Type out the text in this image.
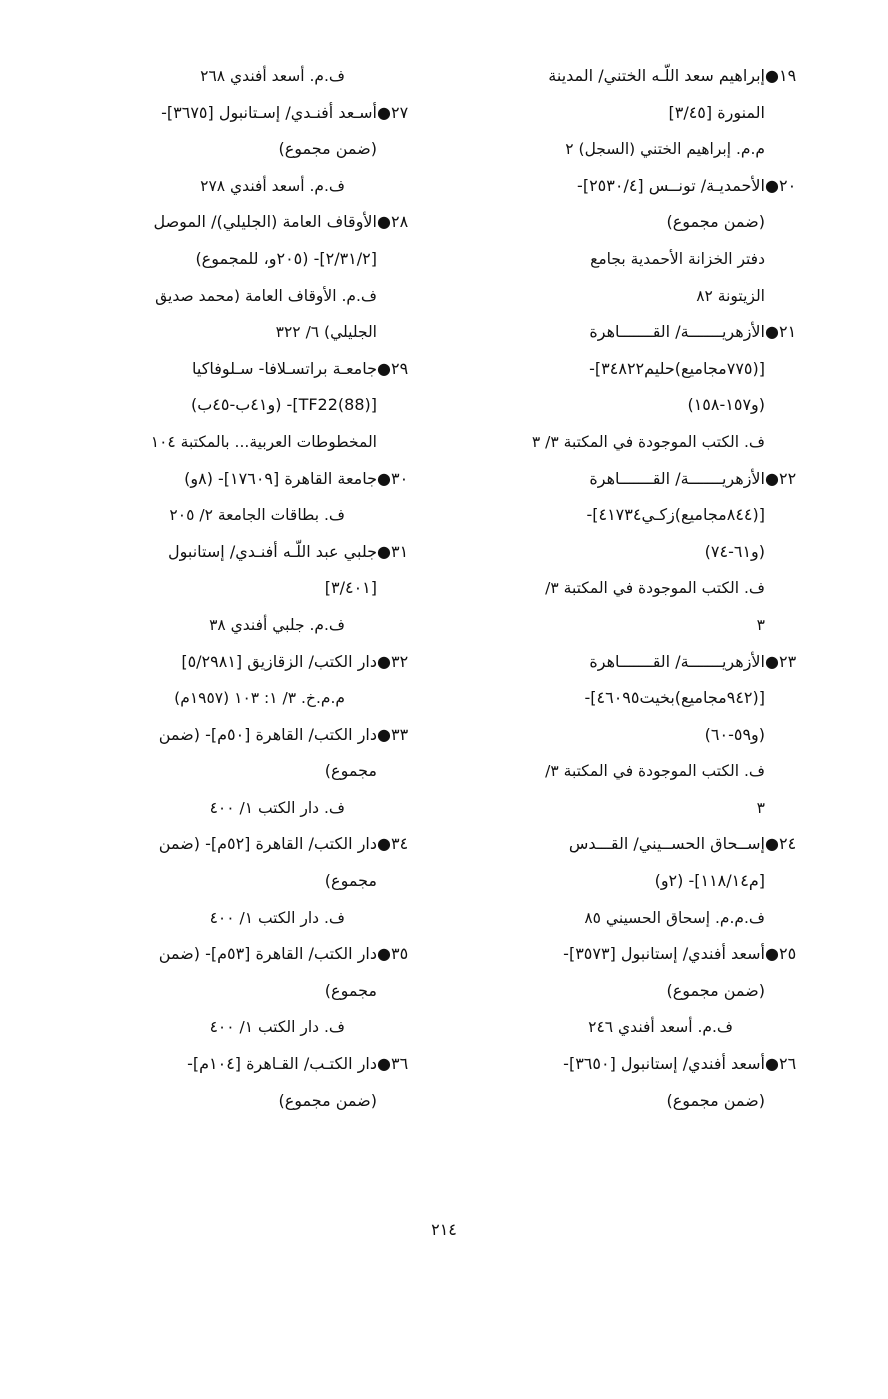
١٩●
إبراهيم سعد اللّـه الختني/ المدينة
المنورة [٣/٤٥]
م.م. إبراهيم الختني (السجل) ٢
٢٠●
الأحمديـة/ تونــس [٢٥٣٠/٤]-
(ضمن مجموع)
دفتر الخزانة الأحمدية بجامع
الزيتونة ٨٢
٢١●
الأزهريـــــــة/ القـــــــاهرة
[(٧٧٥مجاميع)حليم٣٤٨٢٢]-
(و١٥٧-١٥٨)
ف. الكتب الموجودة في المكتبة ٣/ ٣
٢٢●
الأزهريـــــــة/ القـــــــاهرة
[(٨٤٤مجاميع)زكـي٤١٧٣٤]-
(و٦١-٧٤)
ف. الكتب الموجودة في المكتبة ٣/
٣
٢٣●
الأزهريـــــــة/ القـــــــاهرة
[(٩٤٢مجاميع)بخيت٤٦٠٩٥]-
(و٥٩-٦٠)
ف. الكتب الموجودة في المكتبة ٣/
٣
٢٤●
إســحاق الحســيني/ القـــدس
[م١١٨/١٤]- (٢و)
ف.م.م. إسحاق الحسيني ٨٥
٢٥●
أسعد أفندي/ إستانبول [٣٥٧٣]-
(ضمن مجموع)
ف.م. أسعد أفندي ٢٤٦
٢٦●
أسعد أفندي/ إستانبول [٣٦٥٠]-
(ضمن مجموع)
ف.م. أسعد أفندي ٢٦٨
٢٧●
أسـعد أفنـدي/ إسـتانبول [٣٦٧٥]-
(ضمن مجموع)
ف.م. أسعد أفندي ٢٧٨
٢٨●
الأوقاف العامة (الجليلي)/ الموصل
[٢/٣١/٢]- (٢٠٥و، للمجموع)
ف.م. الأوقاف العامة (محمد صديق
الجليلي) ٦/ ٣٢٢
٢٩●
جامعـة براتسـلافا- سـلوفاكيا
[TF22(88)]- (و٤١ب-٤٥ب)
المخطوطات العربية... بالمكتبة ١٠٤
٣٠●
جامعة القاهرة [١٧٦٠٩]- (٨و)
ف. بطاقات الجامعة ٢/ ٢٠٥
٣١●
جلبي عبد اللّـه أفنـدي/ إستانبول
[٣/٤٠١]
ف.م. جلبي أفندي ٣٨
٣٢●
دار الكتب/ الزقازيق [٥/٢٩٨١]
م.م.خ. ٣/ ١: ١٠٣ (١٩٥٧م)
٣٣●
دار الكتب/ القاهرة [٥٠م]- (ضمن
مجموع)
ف. دار الكتب ١/ ٤٠٠
٣٤●
دار الكتب/ القاهرة [٥٢م]- (ضمن
مجموع)
ف. دار الكتب ١/ ٤٠٠
٣٥●
دار الكتب/ القاهرة [٥٣م]- (ضمن
مجموع)
ف. دار الكتب ١/ ٤٠٠
٣٦●
دار الكتـب/ القـاهرة [١٠٤م]-
(ضمن مجموع)
٢١٤
